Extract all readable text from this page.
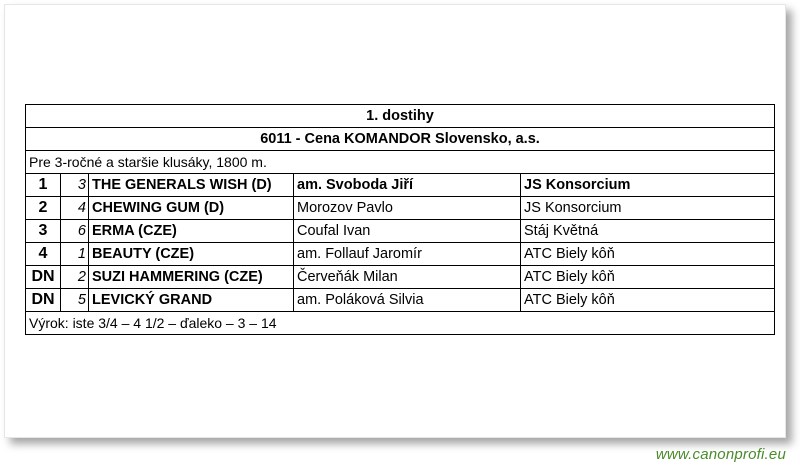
1. dostihy				
6011 - Cena KOMANDOR Slovensko, a.s.				
Pre 3-ročné a staršie klusáky, 1800 m.				
1	3	THE GENERALS WISH (D)	am. Svoboda Jiří	JS Konsorcium
2	4	CHEWING GUM (D)	Morozov Pavlo	JS Konsorcium
3	6	ERMA (CZE)	Coufal Ivan	Stáj Květná
4	1	BEAUTY (CZE)	am. Follauf Jaromír	ATC Biely kôň
DN	2	SUZI HAMMERING (CZE)	Červeňák Milan	ATC Biely kôň
DN	5	LEVICKÝ GRAND	am. Poláková Silvia	ATC Biely kôň
Výrok: iste 3/4 – 4 1/2 – ďaleko – 3 – 14				
www.canonprofi.eu
